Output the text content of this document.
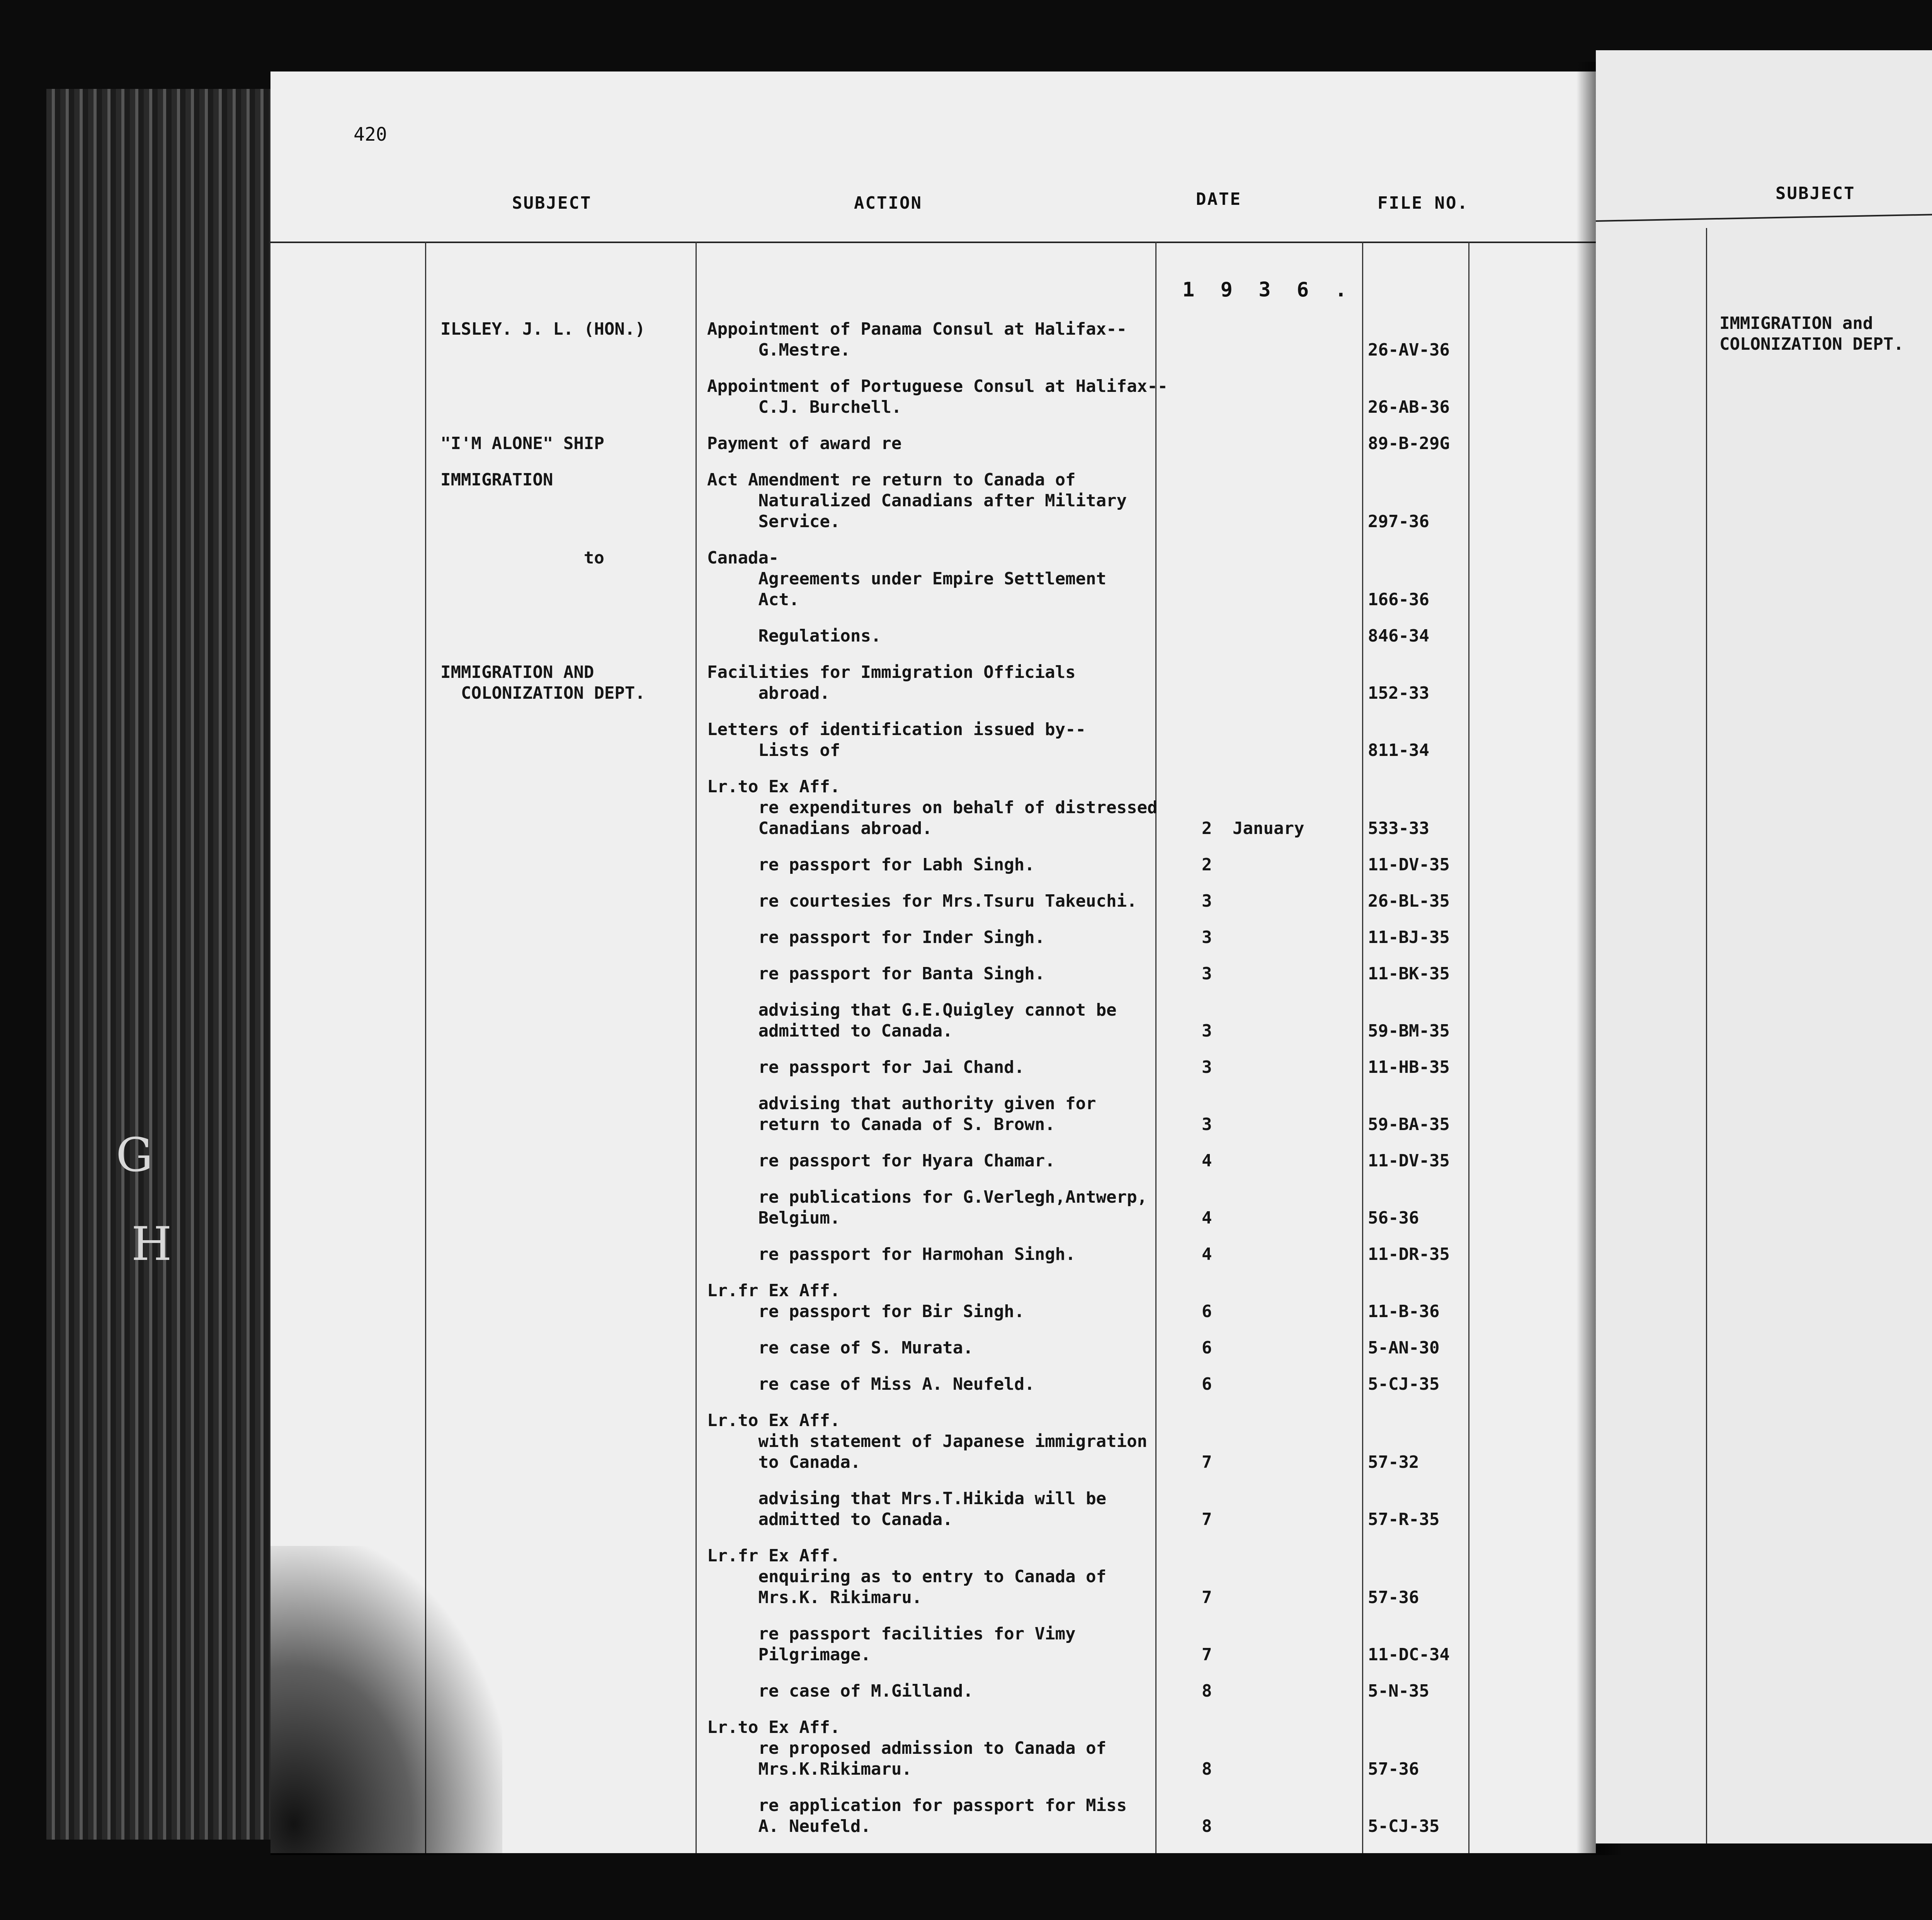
G
H
420
SUBJECT	ACTION	DATE	FILE NO.
1 9 3 6 .
ILSLEY. J. L. (HON.)	Appointment of Panama Consul at Halifax--
G.Mestre.	26-AV-36
Appointment of Portuguese Consul at Halifax--
C.J. Burchell.	26-AB-36
"I'M ALONE" SHIP	Payment of award re	89-B-29G
IMMIGRATION	Act Amendment re return to Canada of
Naturalized Canadians after Military
Service.	297-36
to	Canada-
Agreements under Empire Settlement
Act.	166-36
Regulations.	846-34
IMMIGRATION AND
COLONIZATION DEPT.
Facilities for Immigration Officials
abroad.	152-33
Letters of identification issued by--
Lists of	811-34
Lr.to Ex Aff.
re expenditures on behalf of distressed
Canadians abroad.	2 January	533-33
re passport for Labh Singh.	2	11-DV-35
re courtesies for Mrs.Tsuru Takeuchi.	3	26-BL-35
re passport for Inder Singh.	3	11-BJ-35
re passport for Banta Singh.	3	11-BK-35
advising that G.E.Quigley cannot be
admitted to Canada.	3	59-BM-35
re passport for Jai Chand.	3	11-HB-35
advising that authority given for
return to Canada of S. Brown.	3	59-BA-35
re passport for Hyara Chamar.	4	11-DV-35
re publications for G.Verlegh,Antwerp,
Belgium.	4	56-36
re passport for Harmohan Singh.	4	11-DR-35
Lr.fr Ex Aff.
re passport for Bir Singh.	6	11-B-36
re case of S. Murata.	6	5-AN-30
re case of Miss A. Neufeld.	6	5-CJ-35
Lr.to Ex Aff.
with statement of Japanese immigration
to Canada.	7	57-32
advising that Mrs.T.Hikida will be
admitted to Canada.	7	57-R-35
Lr.fr Ex Aff.
enquiring as to entry to Canada of
Mrs.K. Rikimaru.	7	57-36
re passport facilities for Vimy
Pilgrimage.	7	11-DC-34
re case of M.Gilland.	8	5-N-35
Lr.to Ex Aff.
re proposed admission to Canada of
Mrs.K.Rikimaru.	8	57-36
re application for passport for Miss
A. Neufeld.	8	5-CJ-35
SUBJECT
IMMIGRATION and
COLONIZATION DEPT.
